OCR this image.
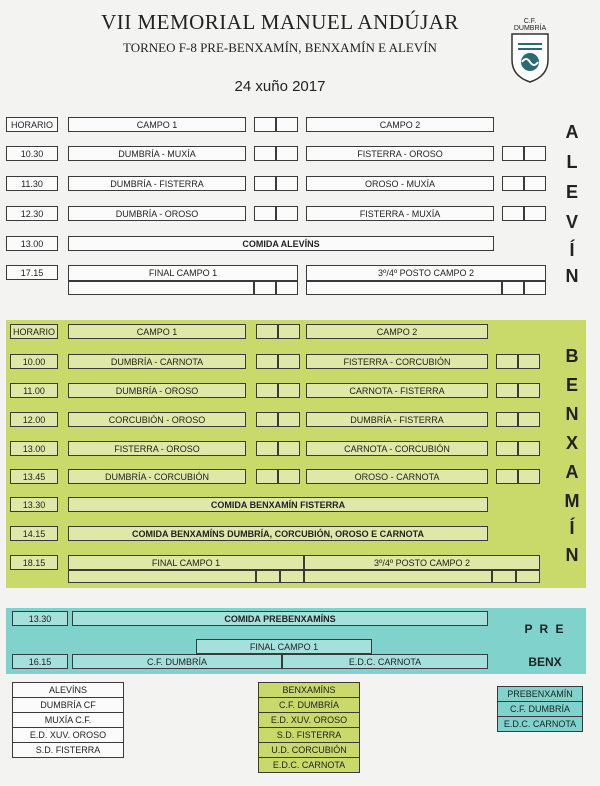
VII MEMORIAL MANUEL ANDÚJAR
TORNEO F-8 PRE-BENXAMÍN, BENXAMÍN E ALEVÍN
24 xuño 2017
C.F.
DUMBRÍA
HORARIO	CAMPO 1	CAMPO 2
10.30	DUMBRÍA - MUXÍA	FISTERRA - OROSO
11.30	DUMBRÍA - FISTERRA	OROSO - MUXÍA
12.30	DUMBRÍA - OROSO	FISTERRA - MUXÍA
13.00	COMIDA ALEVÍNS
17.15	FINAL CAMPO 1	3º/4º POSTO CAMPO 2
A
L
E
V
Í
N
HORARIO	CAMPO 1	CAMPO 2
10.00	DUMBRÍA - CARNOTA	FISTERRA - CORCUBIÓN
11.00	DUMBRÍA - OROSO	CARNOTA - FISTERRA
12.00	CORCUBIÓN - OROSO	DUMBRÍA - FISTERRA
13.00	FISTERRA - OROSO	CARNOTA - CORCUBIÓN
13.45	DUMBRÍA - CORCUBIÓN	OROSO - CARNOTA
13.30	COMIDA BENXAMÍN FISTERRA
14.15	COMIDA BENXAMÍNS DUMBRÍA, CORCUBIÓN, OROSO E CARNOTA
18.15	FINAL CAMPO 1	3º/4º POSTO CAMPO 2
B
E
N
X
A
M
Í
N
13.30	COMIDA PREBENXAMÍNS
FINAL CAMPO 1
16.15	C.F. DUMBRÍA	E.D.C. CARNOTA
P R E
BENX
ALEVÍNS
DUMBRÍA CF
MUXÍA C.F.
E.D. XUV. OROSO
S.D. FISTERRA
BENXAMÍNS
C.F. DUMBRÍA
E.D. XUV. OROSO
S.D. FISTERRA
U.D. CORCUBIÓN
E.D.C. CARNOTA
PREBENXAMÍN
C.F. DUMBRÍA
E.D.C. CARNOTA
